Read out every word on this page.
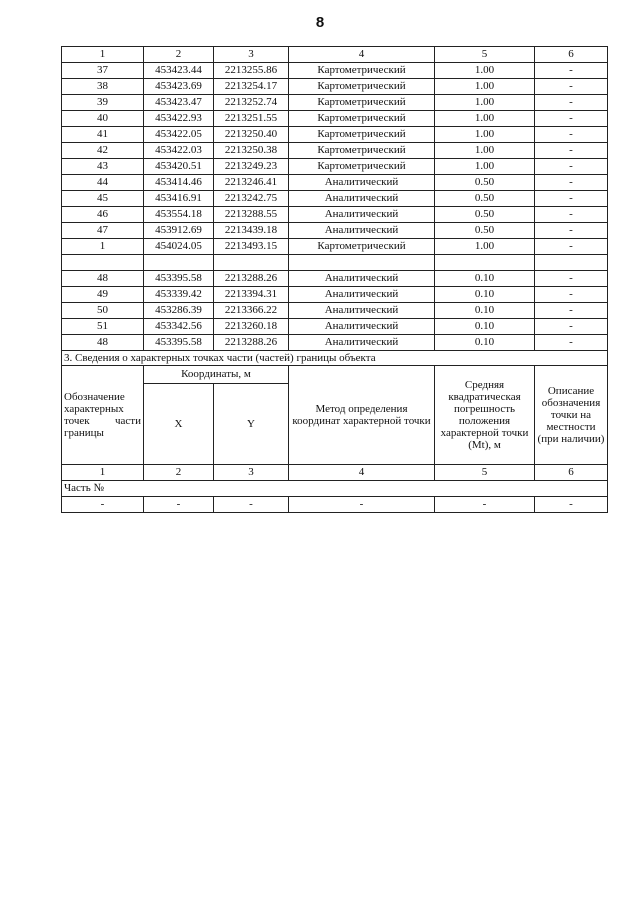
8
1	2	3	4	5	6
37	453423.44	2213255.86	Картометрический	1.00	-
38	453423.69	2213254.17	Картометрический	1.00	-
39	453423.47	2213252.74	Картометрический	1.00	-
40	453422.93	2213251.55	Картометрический	1.00	-
41	453422.05	2213250.40	Картометрический	1.00	-
42	453422.03	2213250.38	Картометрический	1.00	-
43	453420.51	2213249.23	Картометрический	1.00	-
44	453414.46	2213246.41	Аналитический	0.50	-
45	453416.91	2213242.75	Аналитический	0.50	-
46	453554.18	2213288.55	Аналитический	0.50	-
47	453912.69	2213439.18	Аналитический	0.50	-
1	454024.05	2213493.15	Картометрический	1.00	-

48	453395.58	2213288.26	Аналитический	0.10	-
49	453339.42	2213394.31	Аналитический	0.10	-
50	453286.39	2213366.22	Аналитический	0.10	-
51	453342.56	2213260.18	Аналитический	0.10	-
48	453395.58	2213288.26	Аналитический	0.10	-
3. Сведения о характерных точках части (частей) границы объекта					
Обозначение характерных точек части границы	Координаты, м		Метод определения координат характерной точки	Средняя квадратическая погрешность положения характерной точки (Mt), м	Описание обозначения точки на местности (при наличии)
	X	Y			
1	2	3	4	5	6
Часть №					
-	-	-	-	-	-
